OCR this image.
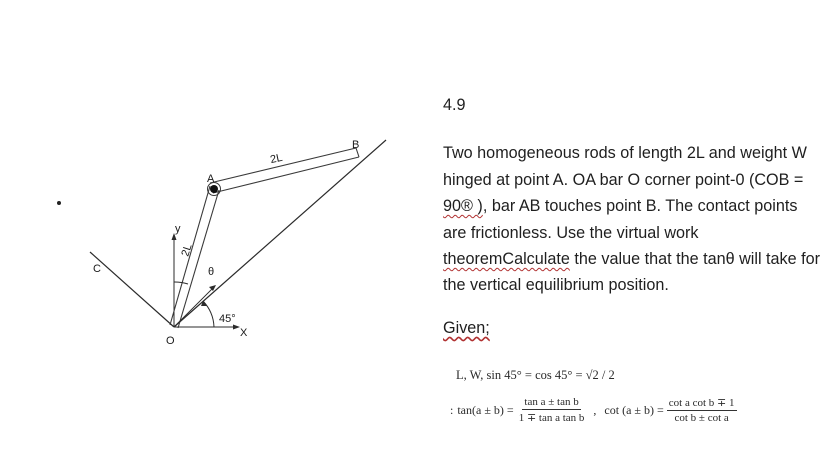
A
B
C
O
X
y
2L
2L
θ
45°

4.9

Two homogeneous rods of length 2L and weight W hinged at point A. OA bar O corner point-0 (COB = 90® ), bar AB touches point B. The contact points are frictionless. Use the virtual work theoremCalculate the value that the tanθ will take for the vertical equilibrium position.

Given;

L, W, sin 45° = cos 45° = √2 / 2
: $\tan(a \pm b) = \frac{\text{tan a ± tan b}}{\text{1 ∓ tan a tan b}}$ , $\cot (a \pm b) = \frac{\text{cot a cot b ∓ 1}}{\text{cot b ± cot a}}$
